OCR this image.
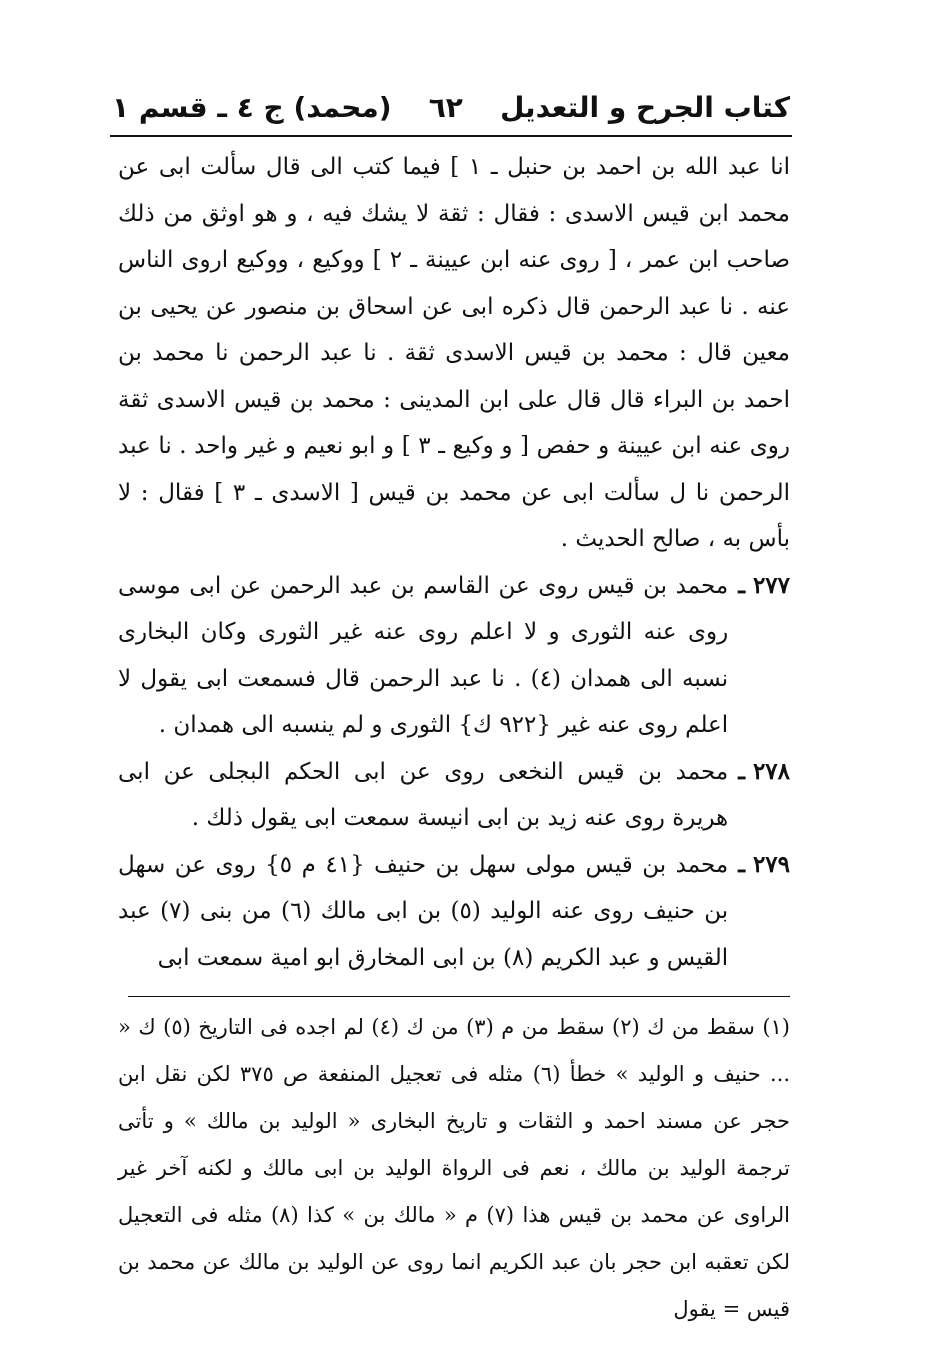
كتاب الجرح و التعديل
٦٢
(محمد) ج ٤ ـ قسم ١

انا عبد الله بن احمد بن حنبل ـ ١ ] فيما كتب الى قال سألت ابى عن محمد ابن قيس الاسدى : فقال : ثقة لا يشك فيه ، و هو اوثق من ذلك صاحب ابن عمر ، [ روى عنه ابن عيينة ـ ٢ ] ووكيع ، ووكيع اروى الناس عنه . نا عبد الرحمن قال ذكره ابى عن اسحاق بن منصور عن يحيى بن معين قال : محمد بن قيس الاسدى ثقة . نا عبد الرحمن نا محمد بن احمد بن البراء قال قال على ابن المدينى : محمد بن قيس الاسدى ثقة روى عنه ابن عيينة و حفص [ و وكيع ـ ٣ ] و ابو نعيم و غير واحد . نا عبد الرحمن نا ل سألت ابى عن محمد بن قيس [ الاسدى ـ ٣ ] فقال : لا بأس به ، صالح الحديث .

٢٧٧ ـ
محمد بن قيس روى عن القاسم بن عبد الرحمن عن ابى موسى روى عنه الثورى و لا اعلم روى عنه غير الثورى وكان البخارى نسبه الى همدان (٤) . نا عبد الرحمن قال فسمعت ابى يقول لا اعلم روى عنه غير {٩٢٢ ك} الثورى و لم ينسبه الى همدان .
٢٧٨ ـ
محمد بن قيس النخعى روى عن ابى الحكم البجلى عن ابى هريرة روى عنه زيد بن ابى انيسة سمعت ابى يقول ذلك .
٢٧٩ ـ
محمد بن قيس مولى سهل بن حنيف {٤١ م ٥} روى عن سهل بن حنيف روى عنه الوليد (٥) بن ابى مالك (٦) من بنى (٧) عبد القيس و عبد الكريم (٨) بن ابى المخارق ابو امية سمعت ابى

(١) سقط من ك (٢) سقط من م (٣) من ك (٤) لم اجده فى التاريخ (٥) ك « ... حنيف و الوليد » خطأ (٦) مثله فى تعجيل المنفعة ص ٣٧٥ لكن نقل ابن حجر عن مسند احمد و الثقات و تاريخ البخارى « الوليد بن مالك » و تأتى ترجمة الوليد بن مالك ، نعم فى الرواة الوليد بن ابى مالك و لكنه آخر غير الراوى عن محمد بن قيس هذا (٧) م « مالك بن » كذا (٨) مثله فى التعجيل لكن تعقبه ابن حجر بان عبد الكريم انما روى عن الوليد بن مالك عن محمد بن قيس = يقول
